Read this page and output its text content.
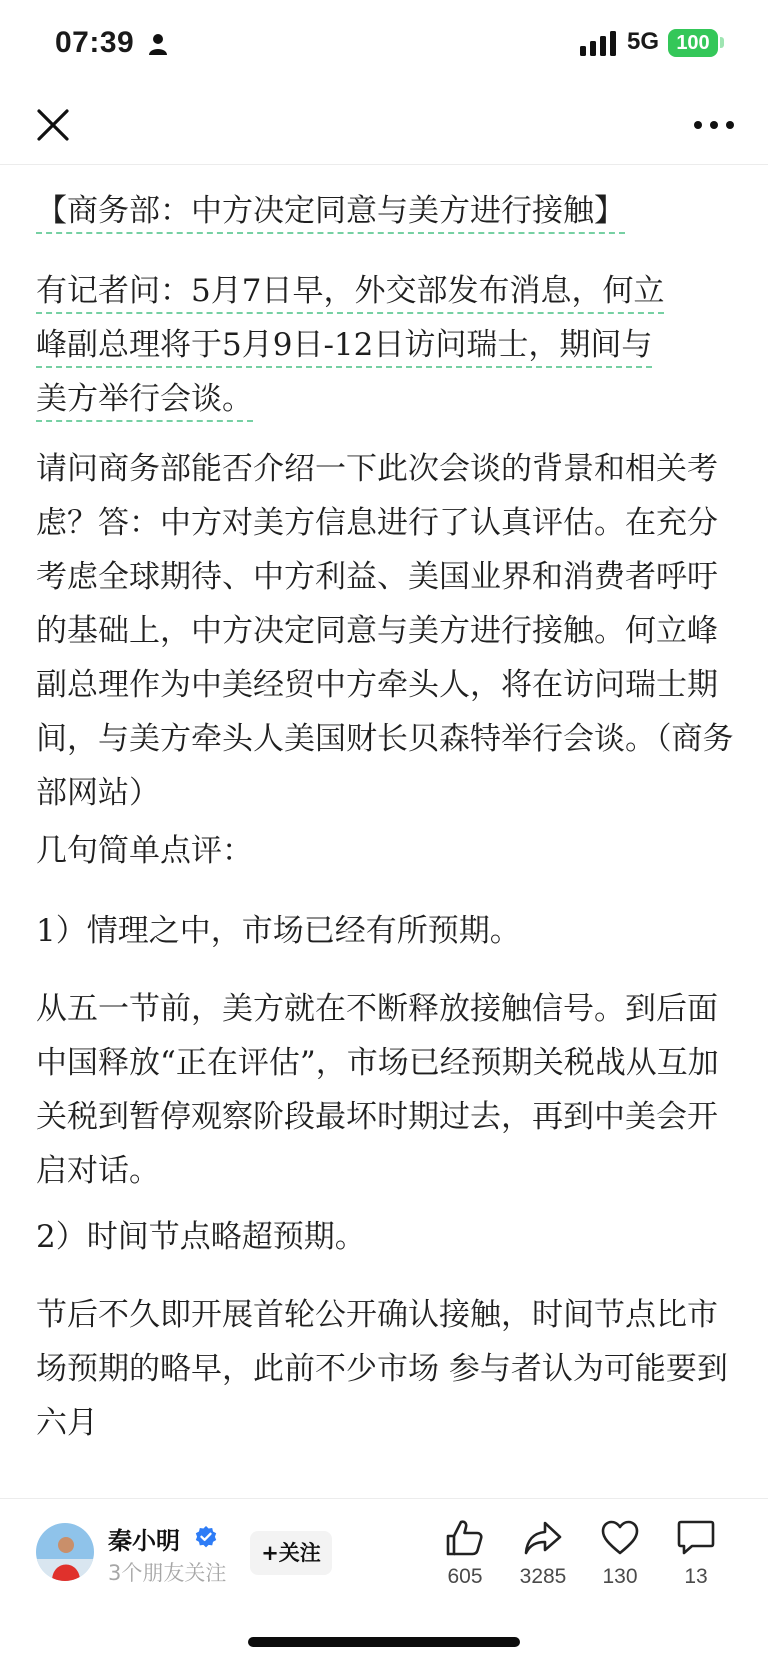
07:39	5G 100

【商务部：中方决定同意与美方进行接触】

有记者问：5月7日早，外交部发布消息，何立
峰副总理将于5月9日-12日访问瑞士，期间与
美方举行会谈。

请问商务部能否介绍一下此次会谈的背景和相关考虑？答：中方对美方信息进行了认真评估。在充分考虑全球期待、中方利益、美国业界和消费者呼吁的基础上，中方决定同意与美方进行接触。何立峰副总理作为中美经贸中方牵头人，将在访问瑞士期间，与美方牵头人美国财长贝森特举行会谈。（商务部网站）

几句简单点评：

1）情理之中，市场已经有所预期。

从五一节前，美方就在不断释放接触信号。到后面中国释放“正在评估”，市场已经预期关税战从互加关税到暂停观察阶段最坏时期过去，再到中美会开启对话。

2）时间节点略超预期。

节后不久即开展首轮公开确认接触，时间节点比市场预期的略早，此前不少市场 参与者认为可能要到六月

秦小明
3个朋友关注
+关注
605	3285	130	13
